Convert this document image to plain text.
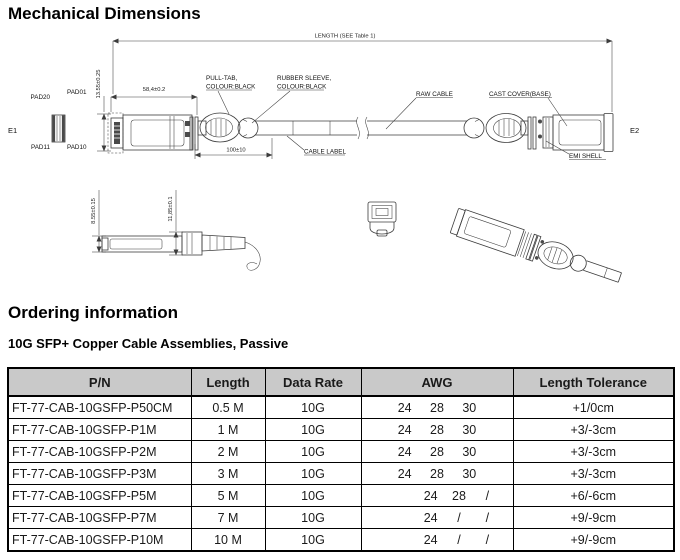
Mechanical Dimensions
LENGTH (SEE Table 1)
E1
PAD20
PAD01
PAD11	PAD10
13.55±0.25	58,4±0.2
100±10
PULL-TAB,
COLOUR:BLACK
RUBBER SLEEVE,
COLOUR:BLACK
CABLE LABEL
RAW CABLE	CAST COVER(BASE)
EMI SHELL
E2
8.55±0.15	11,85±0.1
Ordering information
10G SFP+ Copper Cable Assemblies, Passive
P/N	Length	Data Rate	AWG	Length Tolerance
FT-77-CAB-10GSFP-P50CM	0.5 M	10G	24 28 30	+1/0cm
FT-77-CAB-10GSFP-P1M	1 M	10G	24 28 30	+3/-3cm
FT-77-CAB-10GSFP-P2M	2 M	10G	24 28 30	+3/-3cm
FT-77-CAB-10GSFP-P3M	3 M	10G	24 28 30	+3/-3cm
FT-77-CAB-10GSFP-P5M	5 M	10G	24 28 /	+6/-6cm
FT-77-CAB-10GSFP-P7M	7 M	10G	24 / /	+9/-9cm
FT-77-CAB-10GSFP-P10M	10 M	10G	24 / /	+9/-9cm
